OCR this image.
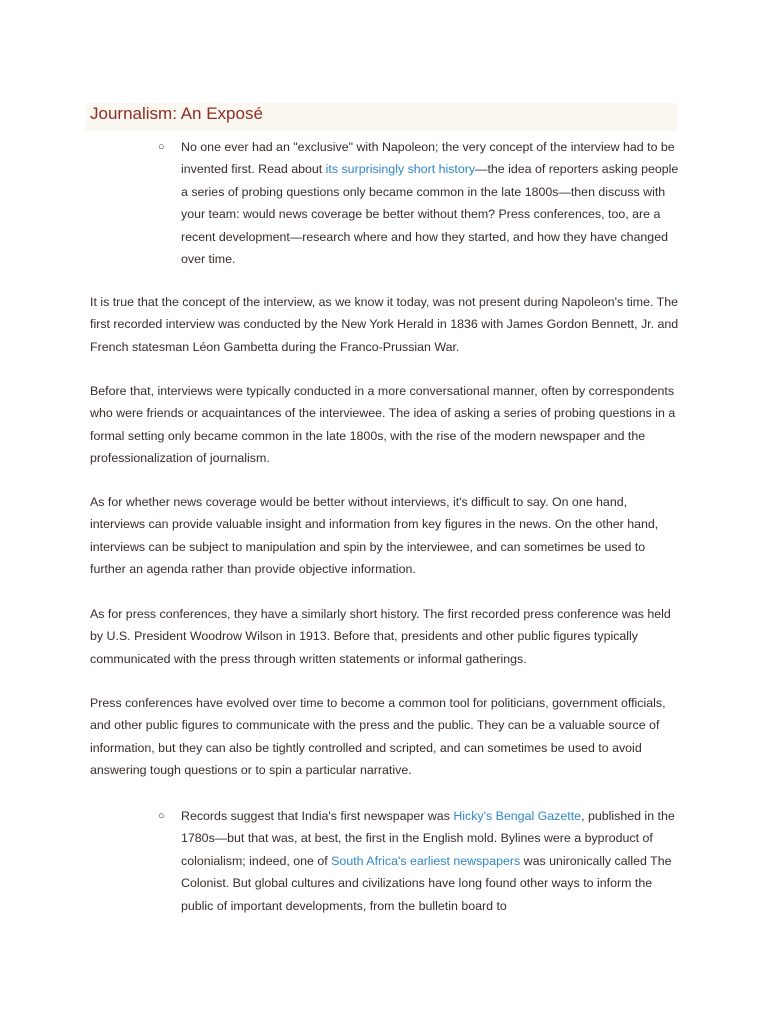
Journalism: An Exposé
○ No one ever had an "exclusive" with Napoleon; the very concept of the interview had to be invented first. Read about its surprisingly short history—the idea of reporters asking people a series of probing questions only became common in the late 1800s—then discuss with your team: would news coverage be better without them? Press conferences, too, are a recent development—research where and how they started, and how they have changed over time.

It is true that the concept of the interview, as we know it today, was not present during Napoleon's time. The first recorded interview was conducted by the New York Herald in 1836 with James Gordon Bennett, Jr. and French statesman Léon Gambetta during the Franco-Prussian War.

Before that, interviews were typically conducted in a more conversational manner, often by correspondents who were friends or acquaintances of the interviewee. The idea of asking a series of probing questions in a formal setting only became common in the late 1800s, with the rise of the modern newspaper and the professionalization of journalism.

As for whether news coverage would be better without interviews, it's difficult to say. On one hand, interviews can provide valuable insight and information from key figures in the news. On the other hand, interviews can be subject to manipulation and spin by the interviewee, and can sometimes be used to further an agenda rather than provide objective information.

As for press conferences, they have a similarly short history. The first recorded press conference was held by U.S. President Woodrow Wilson in 1913. Before that, presidents and other public figures typically communicated with the press through written statements or informal gatherings.

Press conferences have evolved over time to become a common tool for politicians, government officials, and other public figures to communicate with the press and the public. They can be a valuable source of information, but they can also be tightly controlled and scripted, and can sometimes be used to avoid answering tough questions or to spin a particular narrative.

○ Records suggest that India's first newspaper was Hicky's Bengal Gazette, published in the 1780s—but that was, at best, the first in the English mold. Bylines were a byproduct of colonialism; indeed, one of South Africa's earliest newspapers was unironically called The Colonist. But global cultures and civilizations have long found other ways to inform the public of important developments, from the bulletin board to
